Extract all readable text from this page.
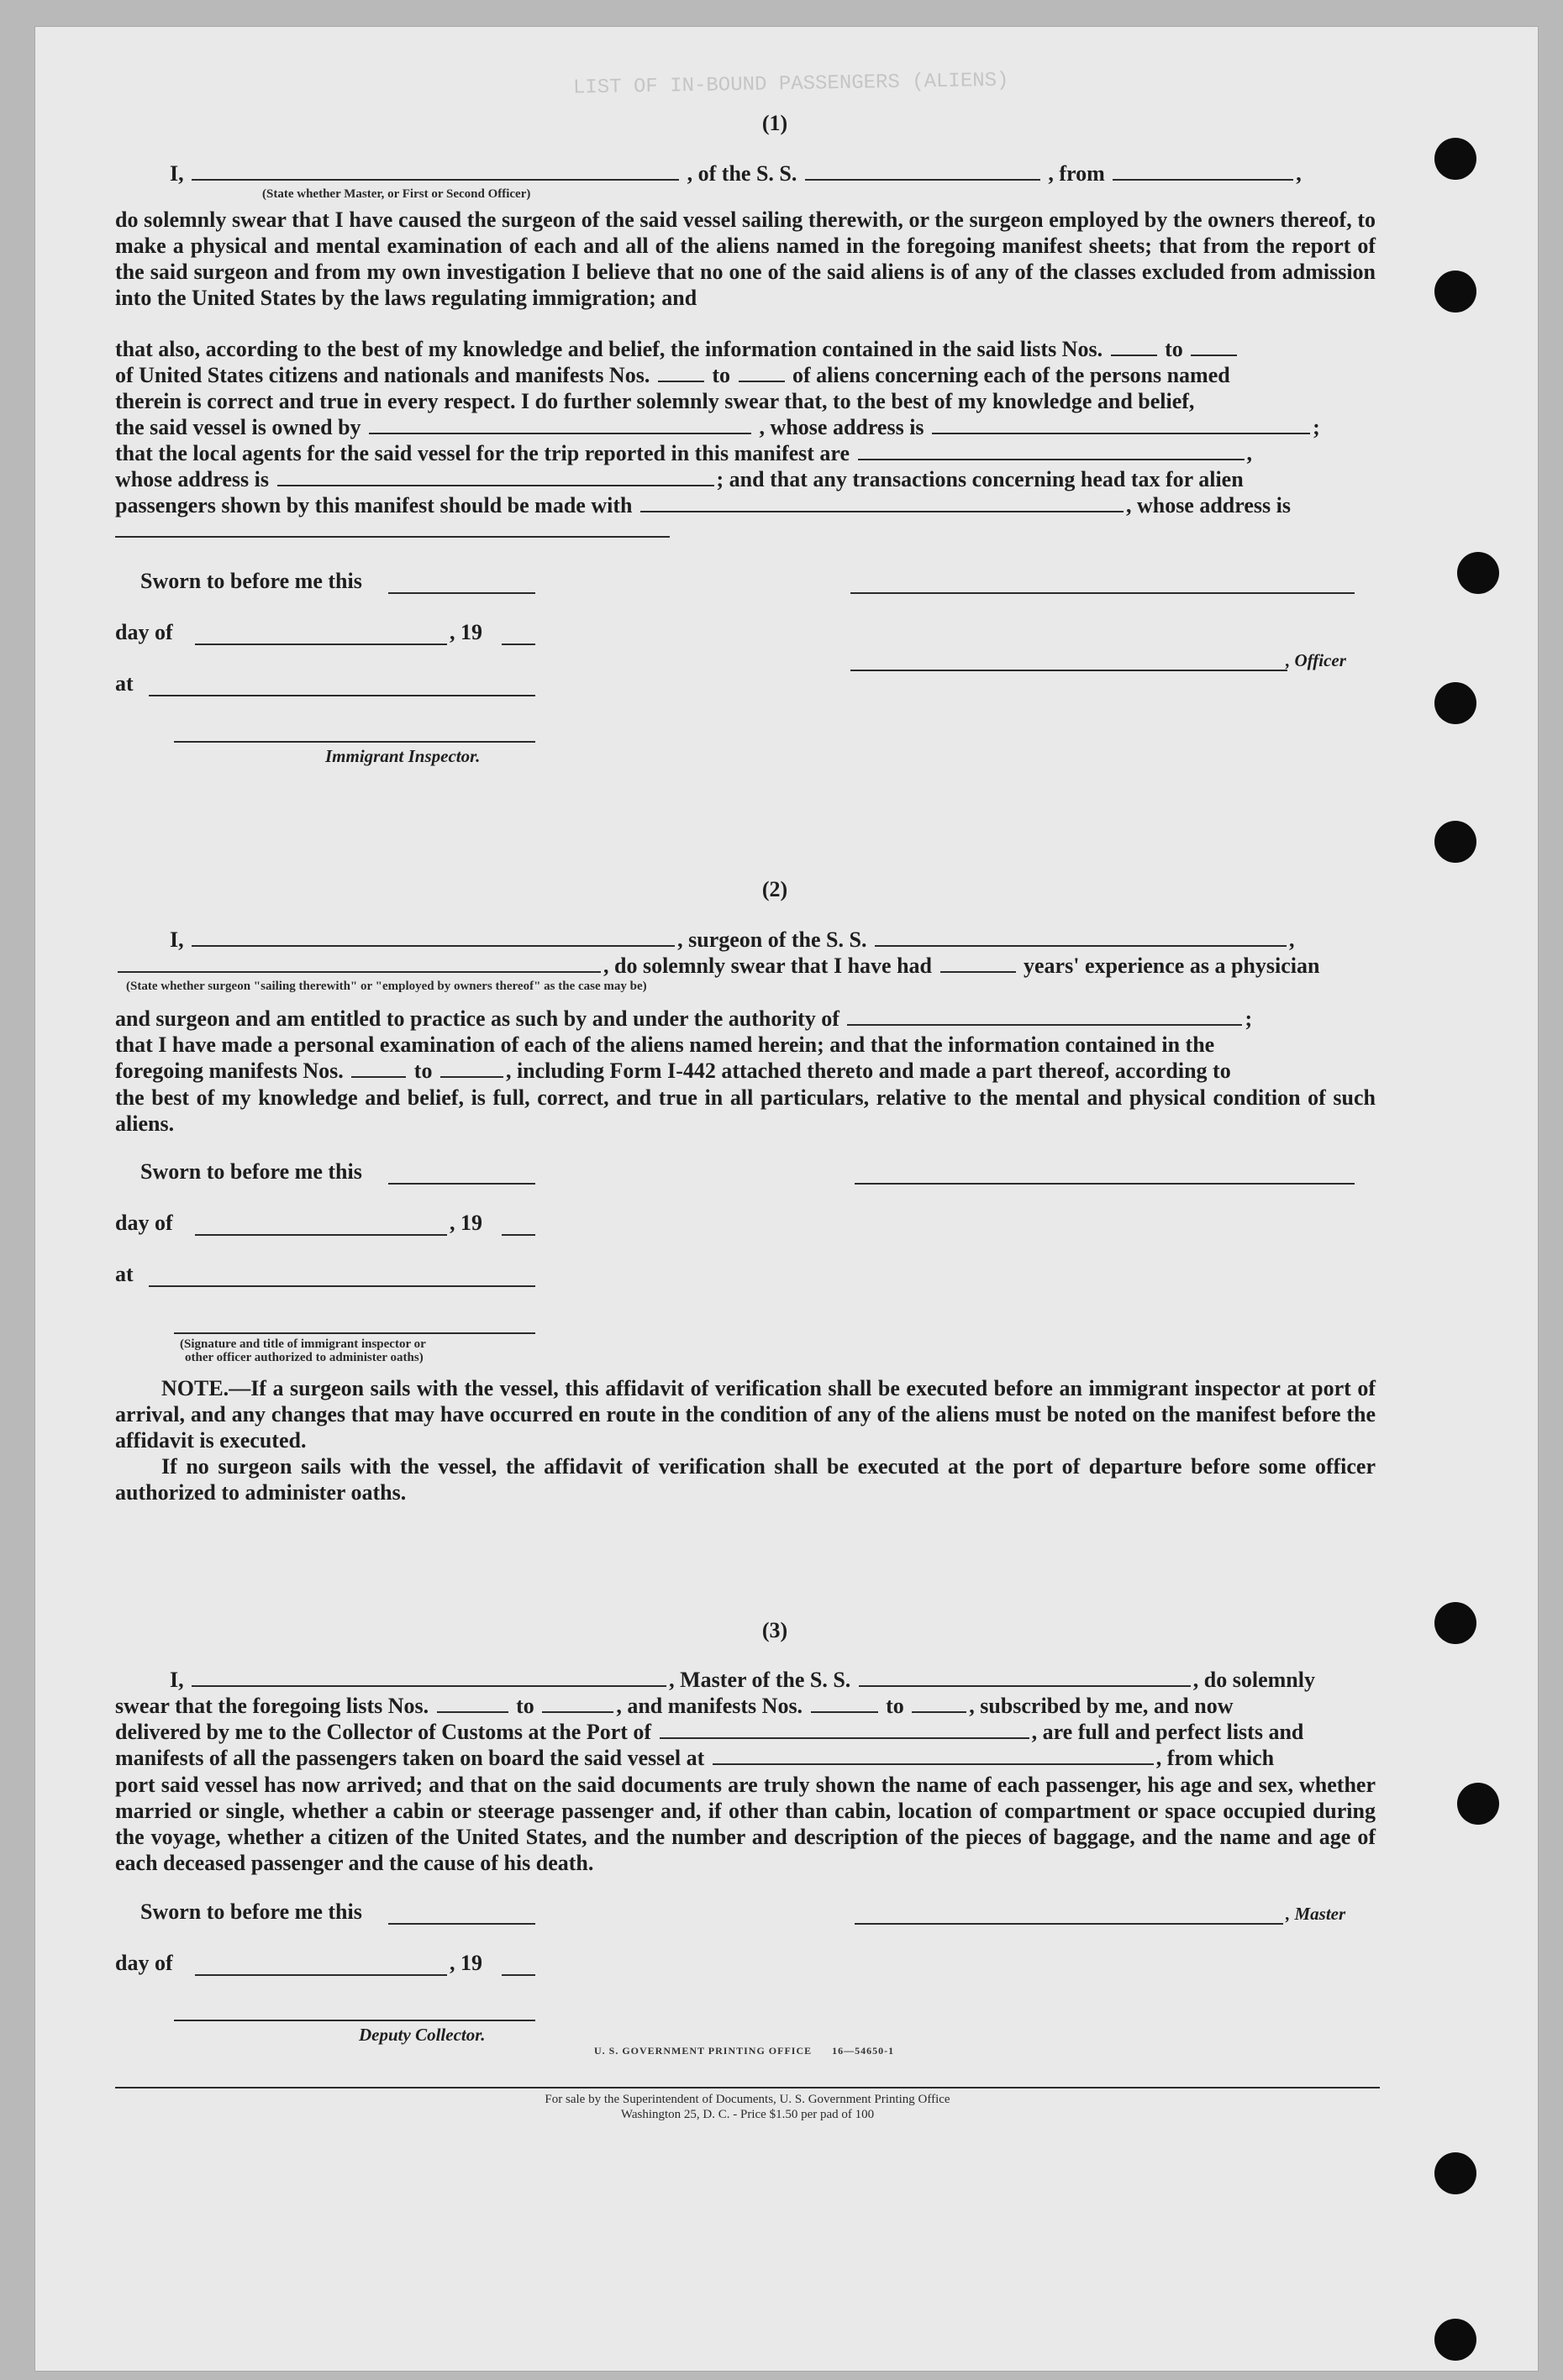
LIST OF IN-BOUND PASSENGERS (ALIENS)
(1)
I,	, of the S. S.	, from	,
(State whether Master, or First or Second Officer)
do solemnly swear that I have caused the surgeon of the said vessel sailing therewith, or the surgeon employed by the owners thereof, to make a physical and mental examination of each and all of the aliens named in the foregoing manifest sheets; that from the report of the said surgeon and from my own investigation I believe that no one of the said aliens is of any of the classes excluded from admission into the United States by the laws regulating immigration; and
that also, according to the best of my knowledge and belief, the information contained in the said lists Nos.	to
of United States citizens and nationals and manifests Nos.	to	of aliens concerning each of the persons named
therein is correct and true in every respect. I do further solemnly swear that, to the best of my knowledge and belief,
the said vessel is owned by	, whose address is	;
that the local agents for the said vessel for the trip reported in this manifest are	,
whose address is	; and that any transactions concerning head tax for alien
passengers shown by this manifest should be made with	, whose address is
Sworn to before me this
day of	, 19
, Officer
at
Immigrant Inspector.
(2)
I,	, surgeon of the S. S.	,
, do solemnly swear that I have had	years' experience as a physician
(State whether surgeon "sailing therewith" or "employed by owners thereof" as the case may be)
and surgeon and am entitled to practice as such by and under the authority of	;
that I have made a personal examination of each of the aliens named herein; and that the information contained in the
foregoing manifests Nos.	to	, including Form I-442 attached thereto and made a part thereof, according to
the best of my knowledge and belief, is full, correct, and true in all particulars, relative to the mental and physical condition of such aliens.
Sworn to before me this
day of	, 19
at
(Signature and title of immigrant inspector or
other officer authorized to administer oaths)
NOTE.—If a surgeon sails with the vessel, this affidavit of verification shall be executed before an immigrant inspector at port of arrival, and any changes that may have occurred en route in the condition of any of the aliens must be noted on the manifest before the affidavit is executed.
If no surgeon sails with the vessel, the affidavit of verification shall be executed at the port of departure before some officer authorized to administer oaths.
(3)
I,	, Master of the S. S.	, do solemnly
swear that the foregoing lists Nos.	to	, and manifests Nos.	to	, subscribed by me, and now
delivered by me to the Collector of Customs at the Port of	, are full and perfect lists and
manifests of all the passengers taken on board the said vessel at	, from which
port said vessel has now arrived; and that on the said documents are truly shown the name of each passenger, his age and sex, whether married or single, whether a cabin or steerage passenger and, if other than cabin, location of compartment or space occupied during the voyage, whether a citizen of the United States, and the number and description of the pieces of baggage, and the name and age of each deceased passenger and the cause of his death.
Sworn to before me this	, Master
day of	, 19
Deputy Collector.
U. S. GOVERNMENT PRINTING OFFICE      16—54650-1
For sale by the Superintendent of Documents, U. S. Government Printing Office
Washington 25, D. C. - Price $1.50 per pad of 100
